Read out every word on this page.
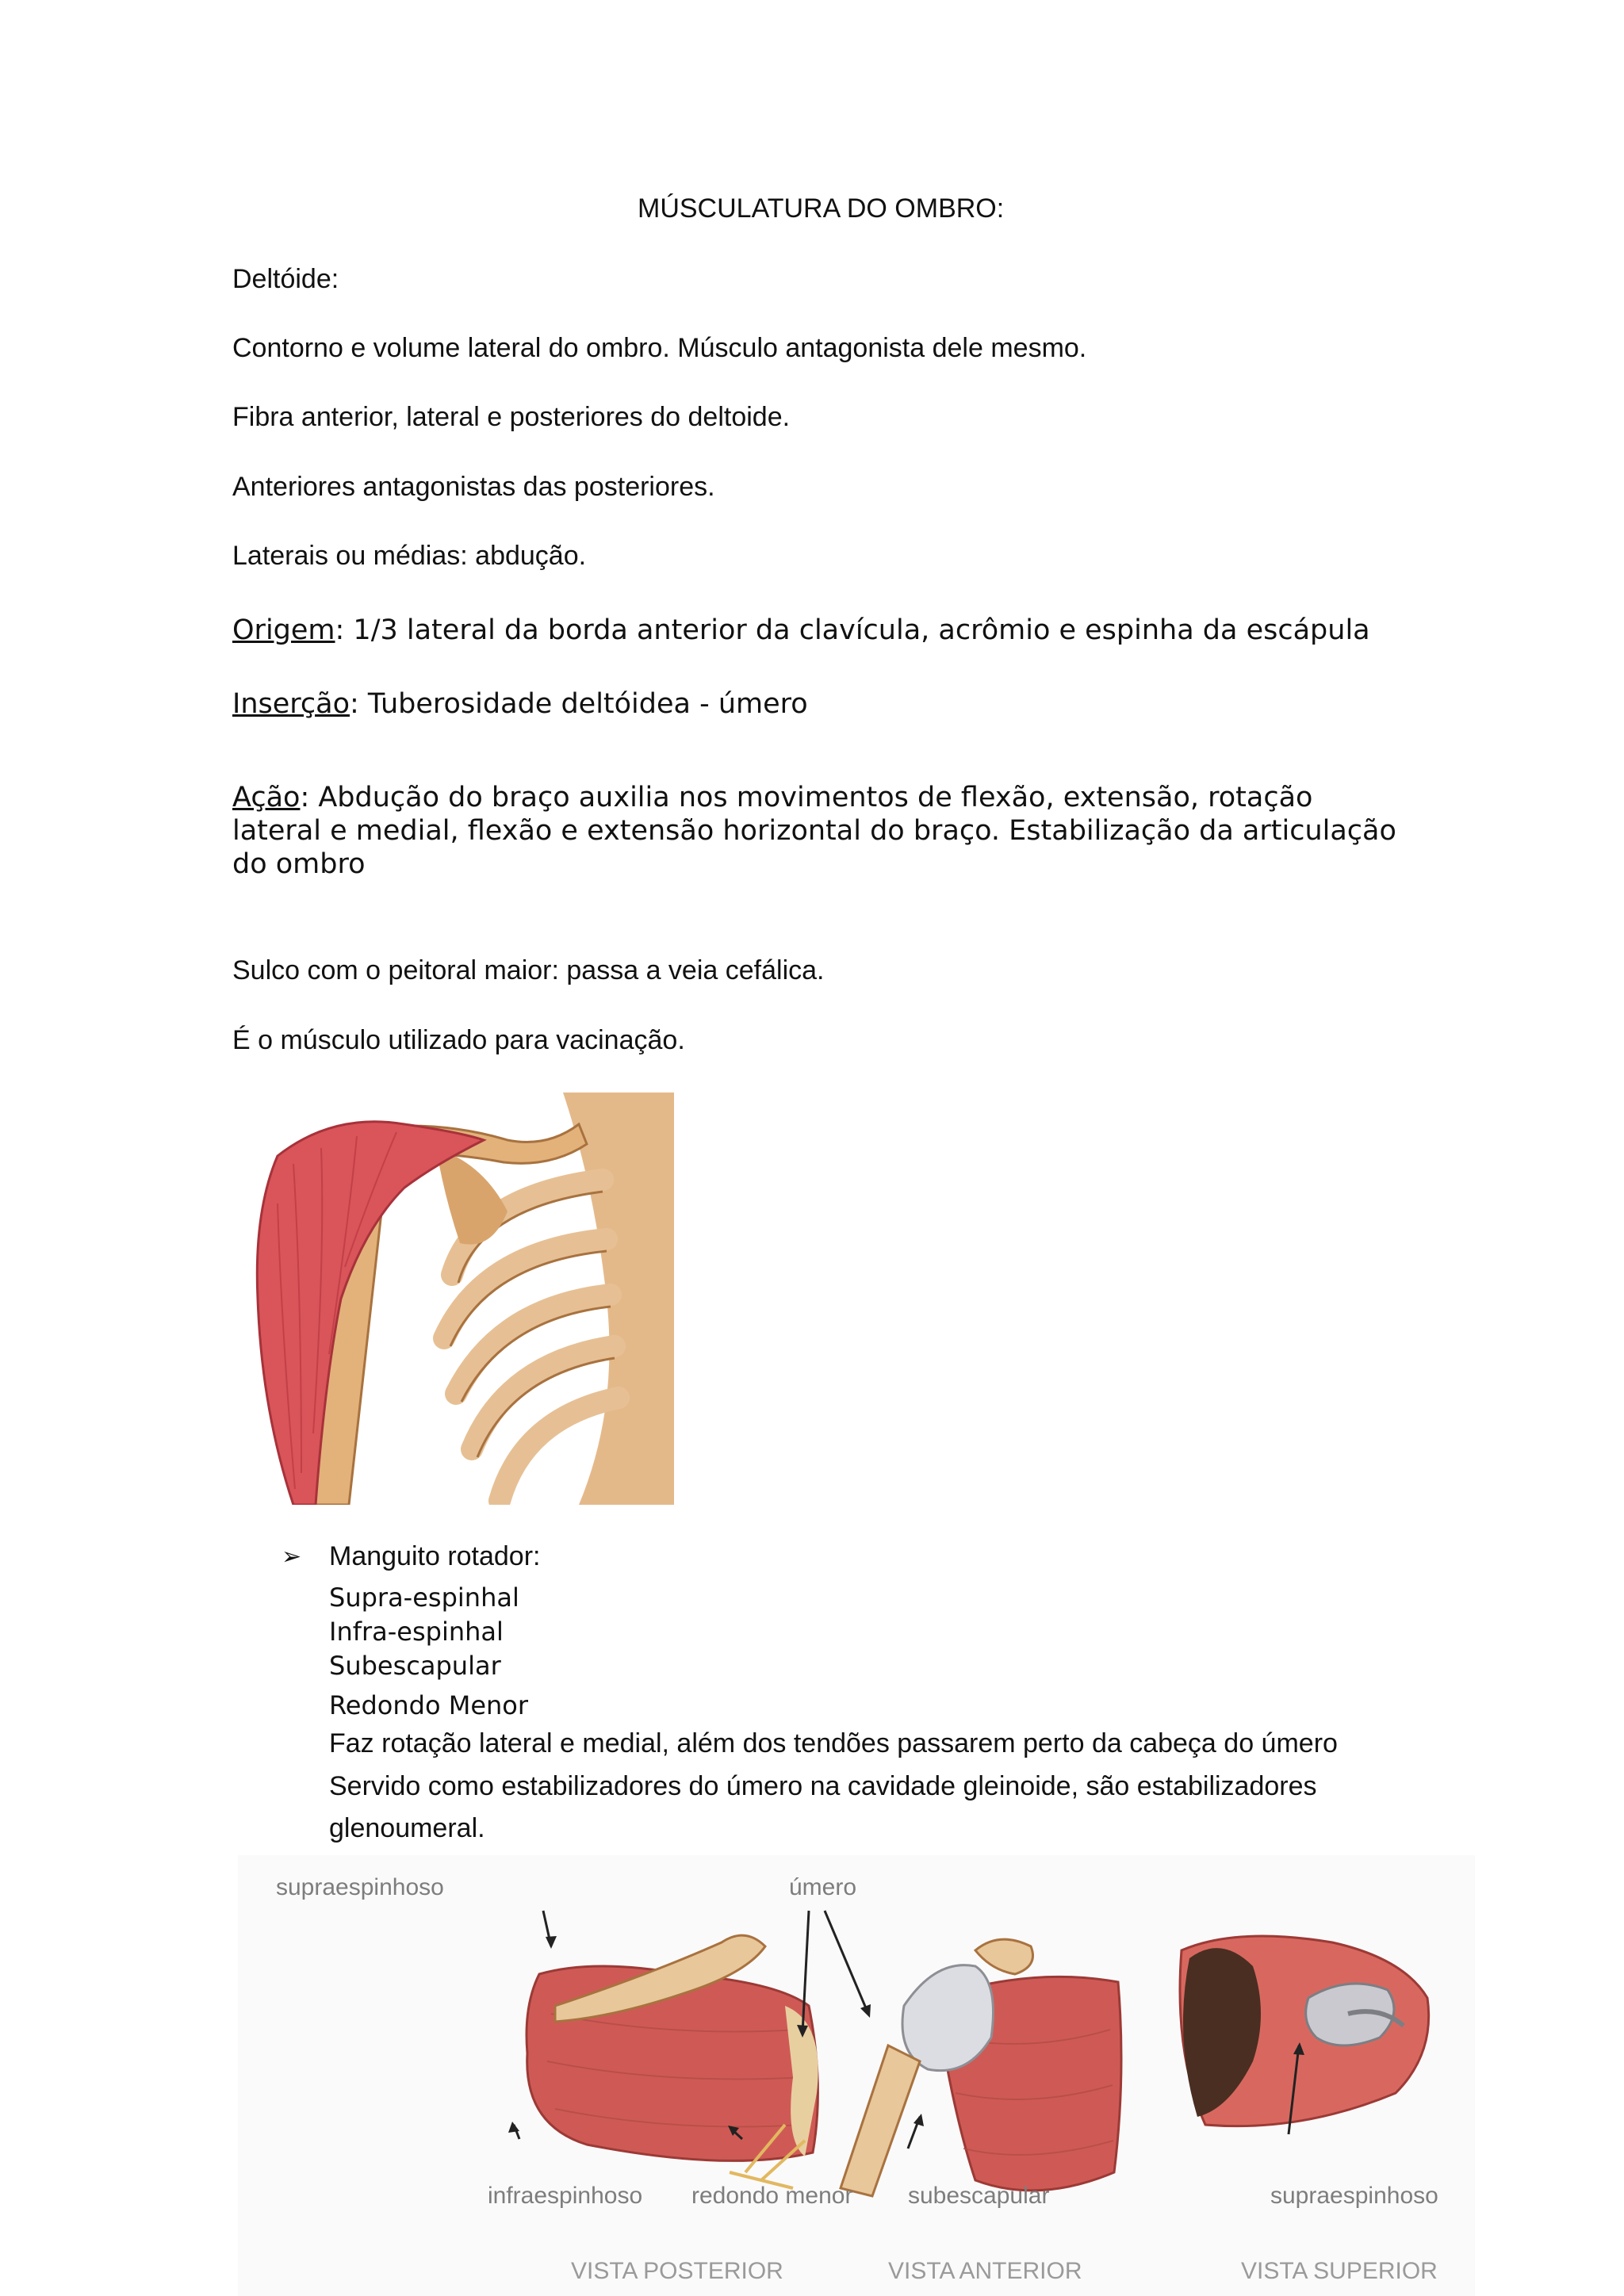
MÚSCULATURA DO OMBRO:

Deltóide:

Contorno e volume lateral do ombro. Músculo antagonista dele mesmo.

Fibra anterior, lateral e posteriores do deltoide.

Anteriores antagonistas das posteriores.

Laterais ou médias: abdução.

Origem: 1/3 lateral da borda anterior da clavícula, acrômio e espinha da escápula

Inserção: Tuberosidade deltóidea - úmero

Ação: Abdução do braço auxilia nos movimentos de flexão, extensão, rotação lateral e medial, flexão e extensão horizontal do braço. Estabilização da articulação do ombro

Sulco com o peitoral maior: passa a veia cefálica.

É o músculo utilizado para vacinação.

➢ Manguito rotador:
Supra-espinhal
Infra-espinhal
Subescapular
Redondo Menor
Faz rotação lateral e medial, além dos tendões passarem perto da cabeça do úmero
Servido como estabilizadores do úmero na cavidade gleinoide, são estabilizadores
glenoumeral.
supraespinhoso	úmero
infraespinhoso redondo menor subescapular	supraespinhoso
VISTA POSTERIOR	VISTA ANTERIOR	VISTA SUPERIOR
